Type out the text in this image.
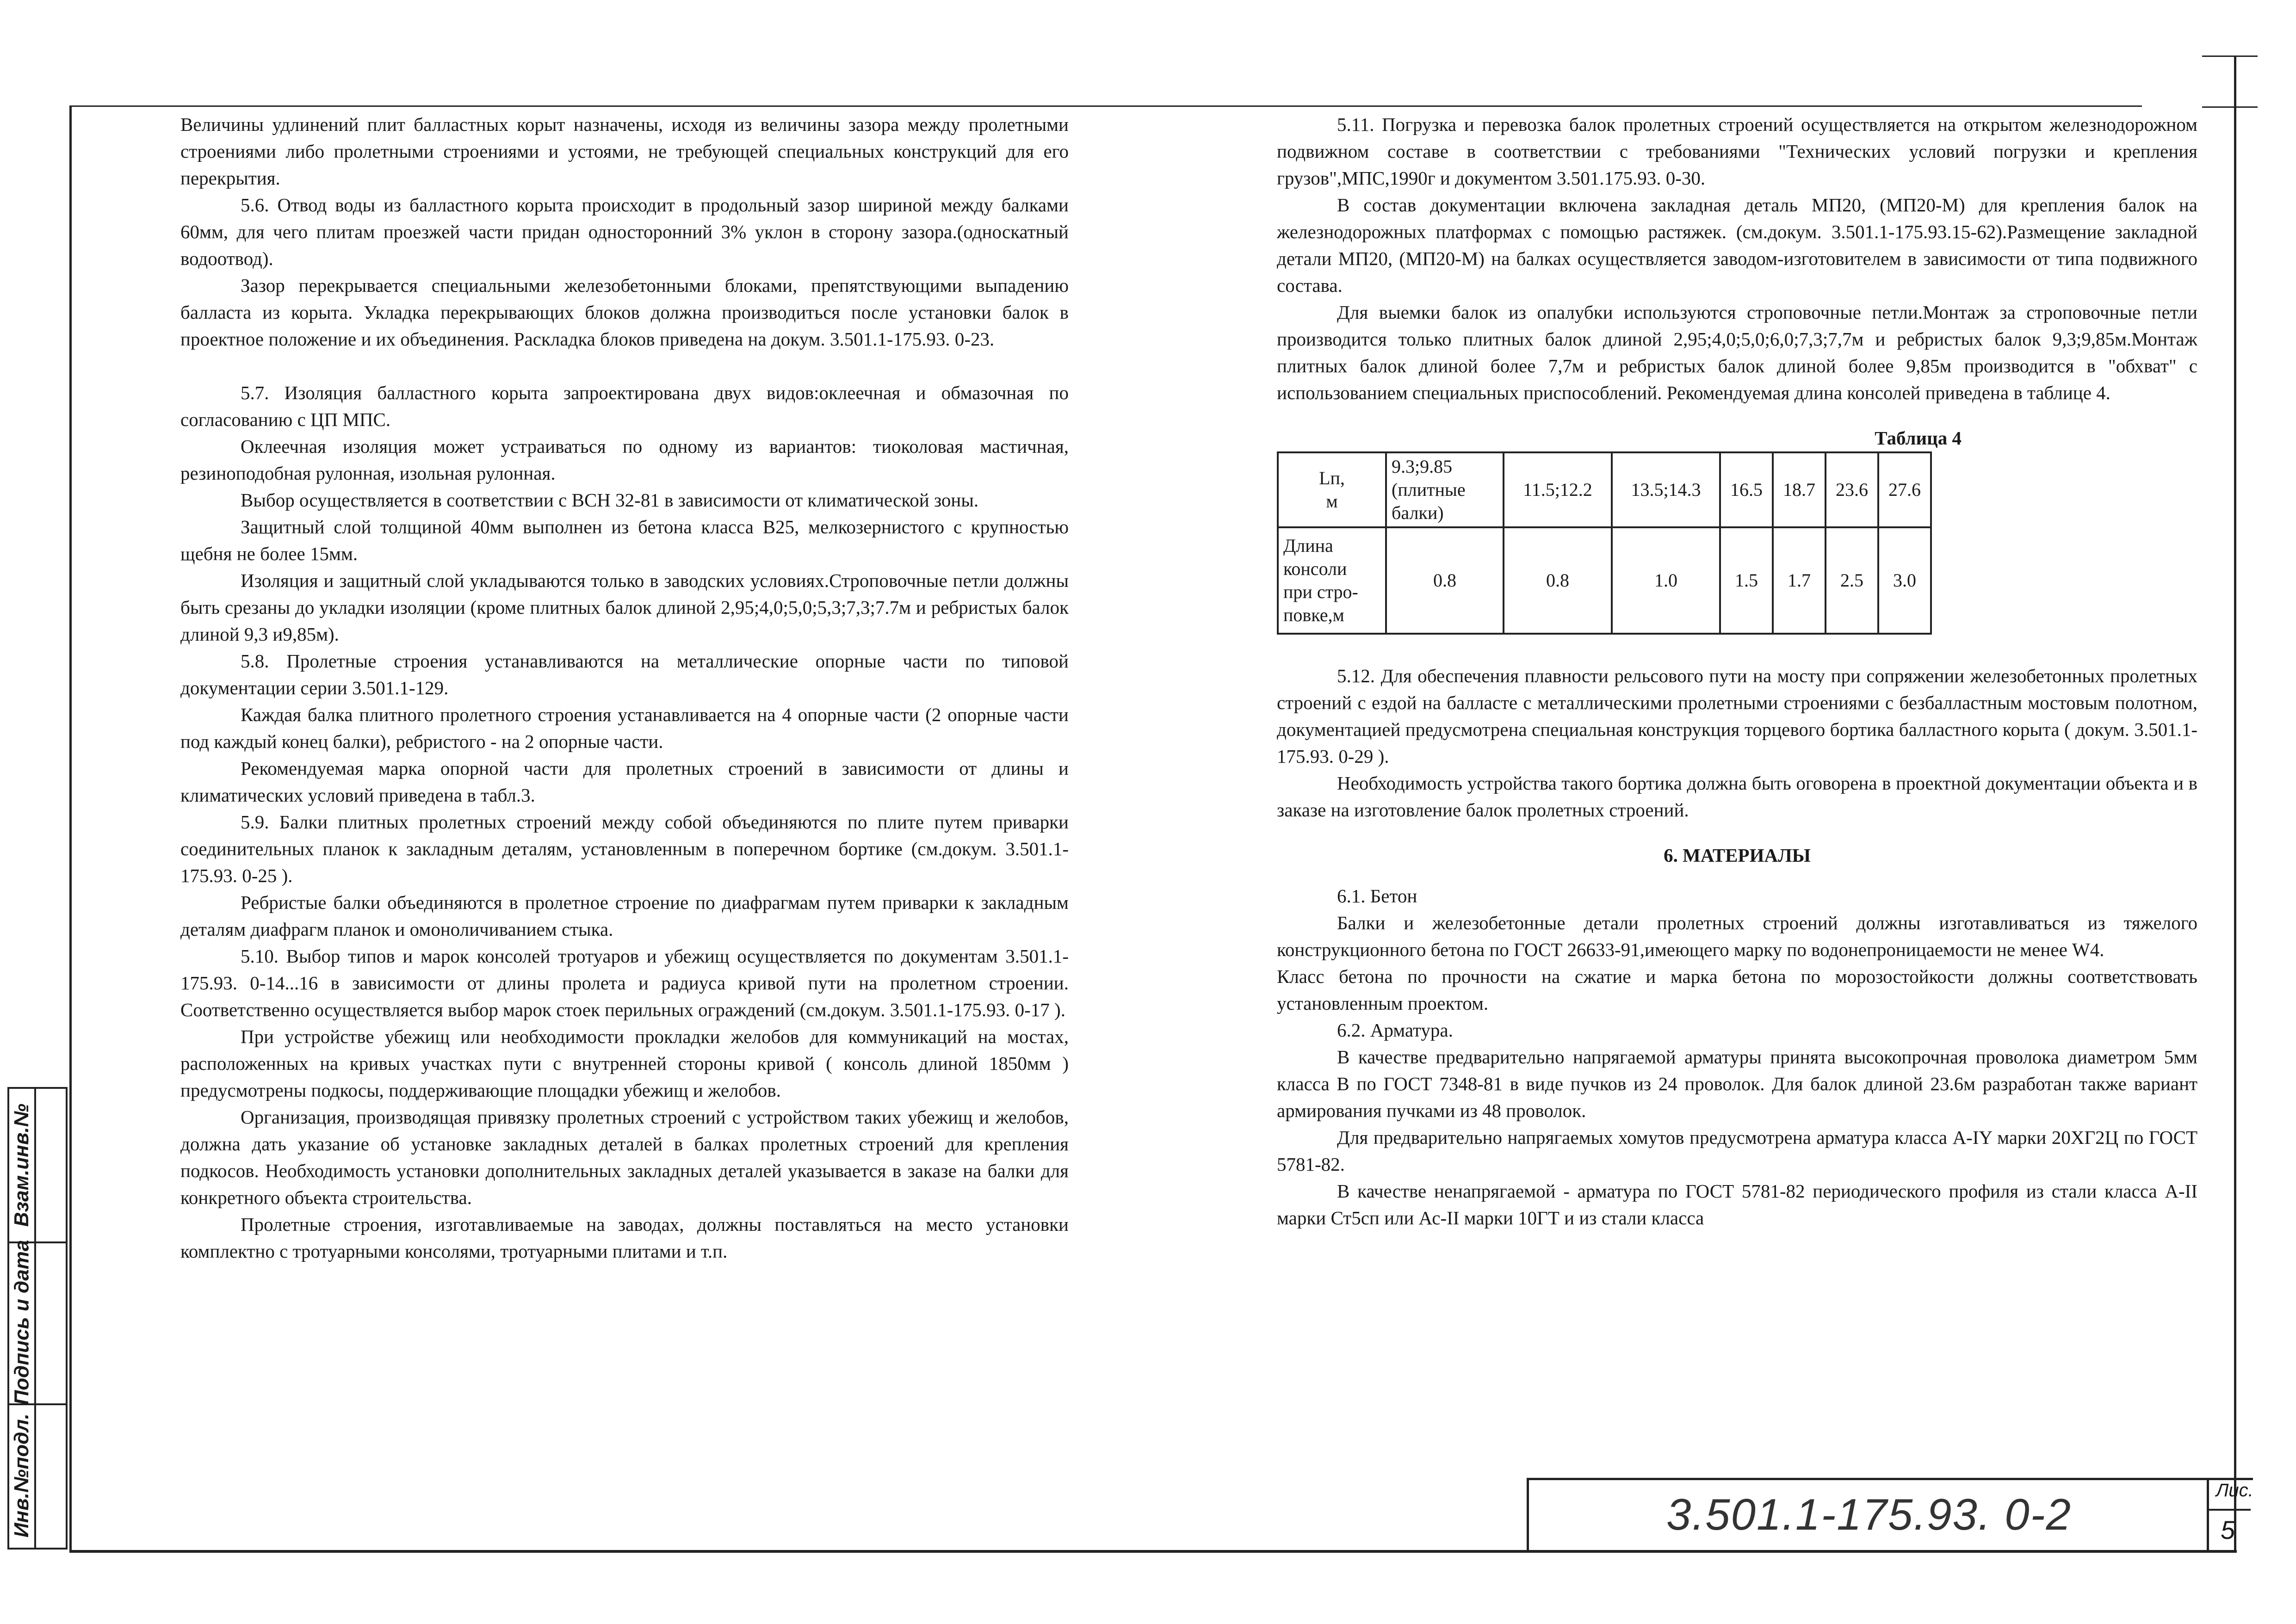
Инв.№подл.
Подпись и дата
Взам.инв.№

Величины удлинений плит балластных корыт назначены, исходя из величины зазора между пролетными строениями либо пролетными строениями и устоями, не требующей специальных конструкций для его перекрытия.

5.6. Отвод воды из балластного корыта происходит в продольный зазор шириной между балками 60мм, для чего плитам проезжей части придан односторонний 3% уклон в сторону зазора.(односкатный водоотвод).

Зазор перекрывается специальными железобетонными блоками, препятствующими выпадению балласта из корыта. Укладка перекрывающих блоков должна производиться после установки балок в проектное положение и их объединения. Раскладка блоков приведена на докум. 3.501.1-175.93. 0-23.

5.7. Изоляция балластного корыта запроектирована двух видов:оклеечная и обмазочная по согласованию с ЦП МПС.

Оклеечная изоляция может устраиваться по одному из вариантов: тиоколовая мастичная, резиноподобная рулонная, изольная рулонная.

Выбор осуществляется в соответствии с ВСН 32-81 в зависимости от климатической зоны.

Защитный слой толщиной 40мм выполнен из бетона класса В25, мелкозернистого с крупностью щебня не более 15мм.

Изоляция и защитный слой укладываются только в заводских условиях.Строповочные петли должны быть срезаны до укладки изоляции (кроме плитных балок длиной 2,95;4,0;5,0;5,3;7,3;7.7м и ребристых балок длиной 9,3 и9,85м).

5.8. Пролетные строения устанавливаются на металлические опорные части по типовой документации серии 3.501.1-129.

Каждая балка плитного пролетного строения устанавливается на 4 опорные части (2 опорные части под каждый конец балки), ребристого - на 2 опорные части.

Рекомендуемая марка опорной части для пролетных строений в зависимости от длины и климатических условий приведена в табл.3.

5.9. Балки плитных пролетных строений между собой объединяются по плите путем приварки соединительных планок к закладным деталям, установленным в поперечном бортике (см.докум. 3.501.1-175.93. 0-25 ).

Ребристые балки объединяются в пролетное строение по диафрагмам путем приварки к закладным деталям диафрагм планок и омоноличиванием стыка.

5.10. Выбор типов и марок консолей тротуаров и убежищ осуществляется по документам 3.501.1-175.93. 0-14...16 в зависимости от длины пролета и радиуса кривой пути на пролетном строении. Соответственно осуществляется выбор марок стоек перильных ограждений (см.докум. 3.501.1-175.93. 0-17 ).

При устройстве убежищ или необходимости прокладки желобов для коммуникаций на мостах, расположенных на кривых участках пути с внутренней стороны кривой ( консоль длиной 1850мм ) предусмотрены подкосы, поддерживающие площадки убежищ и желобов.

Организация, производящая привязку пролетных строений с устройством таких убежищ и желобов, должна дать указание об установке закладных деталей в балках пролетных строений для крепления подкосов. Необходимость установки дополнительных закладных деталей указывается в заказе на балки для конкретного объекта строительства.

Пролетные строения, изготавливаемые на заводах, должны поставляться на место установки комплектно с тротуарными консолями, тротуарными плитами и т.п.

5.11. Погрузка и перевозка балок пролетных строений осуществляется на открытом железнодорожном подвижном составе в соответствии с требованиями "Технических условий погрузки и крепления грузов",МПС,1990г и документом 3.501.175.93. 0-30.

В состав документации включена закладная деталь МП20, (МП20-М) для крепления балок на железнодорожных платформах с помощью растяжек. (см.докум. 3.501.1-175.93.15-62).Размещение закладной детали МП20, (МП20-М) на балках осуществляется заводом-изготовителем в зависимости от типа подвижного состава.

Для выемки балок из опалубки используются строповочные петли.Монтаж за строповочные петли производится только плитных балок длиной 2,95;4,0;5,0;6,0;7,3;7,7м и ребристых балок 9,3;9,85м.Монтаж плитных балок длиной более 7,7м и ребристых балок длиной более 9,85м производится в "обхват" с использованием специальных приспособлений. Рекомендуемая длина консолей приведена в таблице 4.

Таблица 4
Lп,
м	9.3;9.85 (плитные балки)	11.5;12.2	13.5;14.3	16.5	18.7	23.6	27.6
Длина консоли при стро-повке,м	0.8	0.8	1.0	1.5	1.7	2.5	3.0

5.12. Для обеспечения плавности рельсового пути на мосту при сопряжении железобетонных пролетных строений с ездой на балласте с металлическими пролетными строениями с безбалластным мостовым полотном, документацией предусмотрена специальная конструкция торцевого бортика балластного корыта ( докум. 3.501.1-175.93. 0-29 ).

Необходимость устройства такого бортика должна быть оговорена в проектной документации объекта и в заказе на изготовление балок пролетных строений.

6. МАТЕРИАЛЫ

6.1. Бетон

Балки и железобетонные детали пролетных строений должны изготавливаться из тяжелого конструкционного бетона по ГОСТ 26633-91,имеющего марку по водонепроницаемости не менее W4.

Класс бетона по прочности на сжатие и марка бетона по морозостойкости должны соответствовать установленным проектом.

6.2. Арматура.

В качестве предварительно напрягаемой арматуры принята высокопрочная проволока диаметром 5мм класса В по ГОСТ 7348-81 в виде пучков из 24 проволок. Для балок длиной 23.6м разработан также вариант армирования пучками из 48 проволок.

Для предварительно напрягаемых хомутов предусмотрена арматура класса А-IY марки 20ХГ2Ц по ГОСТ 5781-82.

В качестве ненапрягаемой - арматура по ГОСТ 5781-82 периодического профиля из стали класса А-II марки Ст5сп или Ас-II марки 10ГТ и из стали класса

3.501.1-175.93. 0-2	Лис.
5
